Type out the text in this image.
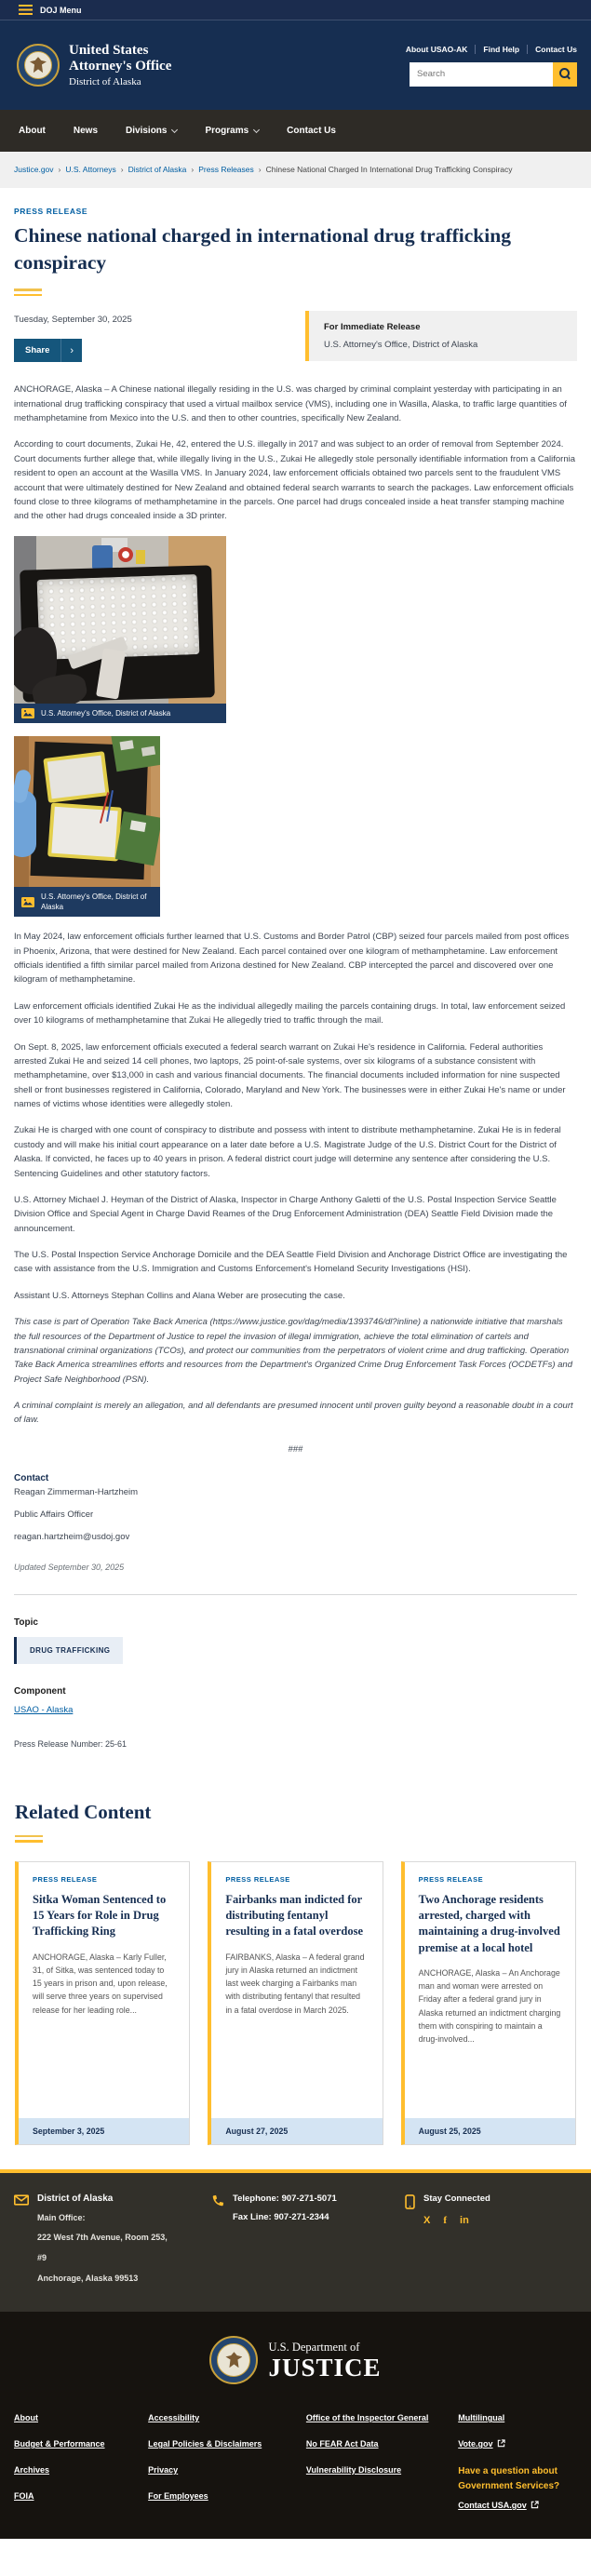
DOJ Menu
United States
Attorney's Office
District of Alaska
About USAO-AK Find Help Contact Us
Search
About	News	Divisions	Programs	Contact Us
Justice.gov › U.S. Attorneys › District of Alaska › Press Releases › Chinese National Charged In International Drug Trafficking Conspiracy
PRESS RELEASE
Chinese national charged in international drug trafficking conspiracy
Tuesday, September 30, 2025
Share	›
For Immediate Release
U.S. Attorney's Office, District of Alaska

ANCHORAGE, Alaska – A Chinese national illegally residing in the U.S. was charged by criminal complaint yesterday with participating in an international drug trafficking conspiracy that used a virtual mailbox service (VMS), including one in Wasilla, Alaska, to traffic large quantities of methamphetamine from Mexico into the U.S. and then to other countries, specifically New Zealand.

According to court documents, Zukai He, 42, entered the U.S. illegally in 2017 and was subject to an order of removal from September 2024. Court documents further allege that, while illegally living in the U.S., Zukai He allegedly stole personally identifiable information from a California resident to open an account at the Wasilla VMS. In January 2024, law enforcement officials obtained two parcels sent to the fraudulent VMS account that were ultimately destined for New Zealand and obtained federal search warrants to search the packages. Law enforcement officials found close to three kilograms of methamphetamine in the parcels. One parcel had drugs concealed inside a heat transfer stamping machine and the other had drugs concealed inside a 3D printer.

U.S. Attorney's Office, District of Alaska
U.S. Attorney's Office, District of Alaska

In May 2024, law enforcement officials further learned that U.S. Customs and Border Patrol (CBP) seized four parcels mailed from post offices in Phoenix, Arizona, that were destined for New Zealand. Each parcel contained over one kilogram of methamphetamine. Law enforcement officials identified a fifth similar parcel mailed from Arizona destined for New Zealand. CBP intercepted the parcel and discovered over one kilogram of methamphetamine.

Law enforcement officials identified Zukai He as the individual allegedly mailing the parcels containing drugs. In total, law enforcement seized over 10 kilograms of methamphetamine that Zukai He allegedly tried to traffic through the mail.

On Sept. 8, 2025, law enforcement officials executed a federal search warrant on Zukai He's residence in California. Federal authorities arrested Zukai He and seized 14 cell phones, two laptops, 25 point-of-sale systems, over six kilograms of a substance consistent with methamphetamine, over $13,000 in cash and various financial documents. The financial documents included information for nine suspected shell or front businesses registered in California, Colorado, Maryland and New York. The businesses were in either Zukai He's name or under names of victims whose identities were allegedly stolen.

Zukai He is charged with one count of conspiracy to distribute and possess with intent to distribute methamphetamine. Zukai He is in federal custody and will make his initial court appearance on a later date before a U.S. Magistrate Judge of the U.S. District Court for the District of Alaska. If convicted, he faces up to 40 years in prison. A federal district court judge will determine any sentence after considering the U.S. Sentencing Guidelines and other statutory factors.

U.S. Attorney Michael J. Heyman of the District of Alaska, Inspector in Charge Anthony Galetti of the U.S. Postal Inspection Service Seattle Division Office and Special Agent in Charge David Reames of the Drug Enforcement Administration (DEA) Seattle Field Division made the announcement.

The U.S. Postal Inspection Service Anchorage Domicile and the DEA Seattle Field Division and Anchorage District Office are investigating the case with assistance from the U.S. Immigration and Customs Enforcement's Homeland Security Investigations (HSI).

Assistant U.S. Attorneys Stephan Collins and Alana Weber are prosecuting the case.

This case is part of Operation Take Back America (https://www.justice.gov/dag/media/1393746/dl?inline) a nationwide initiative that marshals the full resources of the Department of Justice to repel the invasion of illegal immigration, achieve the total elimination of cartels and transnational criminal organizations (TCOs), and protect our communities from the perpetrators of violent crime and drug trafficking. Operation Take Back America streamlines efforts and resources from the Department's Organized Crime Drug Enforcement Task Forces (OCDETFs) and Project Safe Neighborhood (PSN).

A criminal complaint is merely an allegation, and all defendants are presumed innocent until proven guilty beyond a reasonable doubt in a court of law.

###
Contact
Reagan Zimmerman-Hartzheim
Public Affairs Officer
reagan.hartzheim@usdoj.gov
Updated September 30, 2025
Topic
DRUG TRAFFICKING
Component
USAO - Alaska
Press Release Number: 25-61
Related Content
PRESS RELEASE
Sitka Woman Sentenced to 15 Years for Role in Drug Trafficking Ring
ANCHORAGE, Alaska – Karly Fuller, 31, of Sitka, was sentenced today to 15 years in prison and, upon release, will serve three years on supervised release for her leading role...
September 3, 2025
PRESS RELEASE
Fairbanks man indicted for distributing fentanyl resulting in a fatal overdose
FAIRBANKS, Alaska – A federal grand jury in Alaska returned an indictment last week charging a Fairbanks man with distributing fentanyl that resulted in a fatal overdose in March 2025.
August 27, 2025
PRESS RELEASE
Two Anchorage residents arrested, charged with maintaining a drug-involved premise at a local hotel
ANCHORAGE, Alaska – An Anchorage man and woman were arrested on Friday after a federal grand jury in Alaska returned an indictment charging them with conspiring to maintain a drug-involved...
August 25, 2025
District of Alaska
Main Office:
222 West 7th Avenue, Room 253,
#9
Anchorage, Alaska 99513
Telephone: 907-271-5071
Fax Line: 907-271-2344
Stay Connected
X f in
U.S. Department of
JUSTICE
About
Budget & Performance
Archives
FOIA
Accessibility
Legal Policies & Disclaimers
Privacy
For Employees
Office of the Inspector General
No FEAR Act Data
Vulnerability Disclosure
Multilingual
Vote.gov
Have a question about Government Services?
Contact USA.gov
